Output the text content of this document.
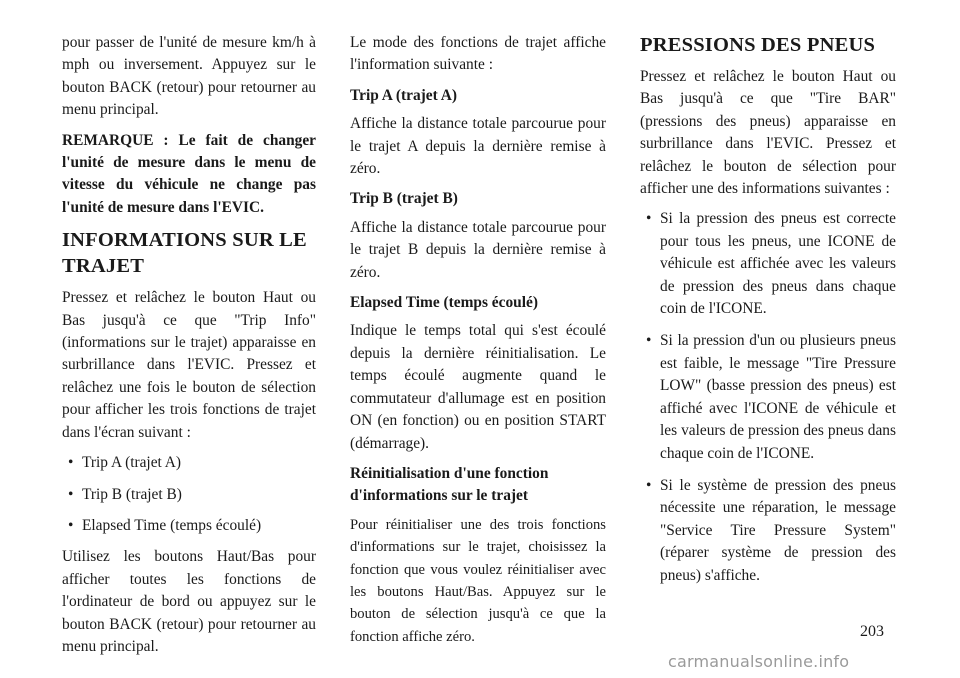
pour passer de l'unité de mesure km/h à mph ou inversement. Appuyez sur le bouton BACK (retour) pour retourner au menu principal.

REMARQUE : Le fait de changer l'unité de mesure dans le menu de vitesse du véhicule ne change pas l'unité de mesure dans l'EVIC.

INFORMATIONS SUR LE TRAJET

Pressez et relâchez le bouton Haut ou Bas jusqu'à ce que "Trip Info" (informations sur le trajet) apparaisse en surbrillance dans l'EVIC. Pressez et relâchez une fois le bouton de sélection pour afficher les trois fonctions de trajet dans l'écran suivant :

• Trip A (trajet A)
• Trip B (trajet B)
• Elapsed Time (temps écoulé)

Utilisez les boutons Haut/Bas pour afficher toutes les fonctions de l'ordinateur de bord ou appuyez sur le bouton BACK (retour) pour retourner au menu principal.

Le mode des fonctions de trajet affiche l'information suivante :

Trip A (trajet A)

Affiche la distance totale parcourue pour le trajet A depuis la dernière remise à zéro.

Trip B (trajet B)

Affiche la distance totale parcourue pour le trajet B depuis la dernière remise à zéro.

Elapsed Time (temps écoulé)

Indique le temps total qui s'est écoulé depuis la dernière réinitialisation. Le temps écoulé augmente quand le commutateur d'allumage est en position ON (en fonction) ou en position START (démarrage).

Réinitialisation d'une fonction d'informations sur le trajet

Pour réinitialiser une des trois fonctions d'informations sur le trajet, choisissez la fonction que vous voulez réinitialiser avec les boutons Haut/Bas. Appuyez sur le bouton de sélection jusqu'à ce que la fonction affiche zéro.

PRESSIONS DES PNEUS

Pressez et relâchez le bouton Haut ou Bas jusqu'à ce que "Tire BAR" (pressions des pneus) apparaisse en surbrillance dans l'EVIC. Pressez et relâchez le bouton de sélection pour afficher une des informations suivantes :

• Si la pression des pneus est correcte pour tous les pneus, une ICONE de véhicule est affichée avec les valeurs de pression des pneus dans chaque coin de l'ICONE.
• Si la pression d'un ou plusieurs pneus est faible, le message "Tire Pressure LOW" (basse pression des pneus) est affiché avec l'ICONE de véhicule et les valeurs de pression des pneus dans chaque coin de l'ICONE.
• Si le système de pression des pneus nécessite une réparation, le message "Service Tire Pressure System" (réparer système de pression des pneus) s'affiche.
203
carmanualsonline.info
